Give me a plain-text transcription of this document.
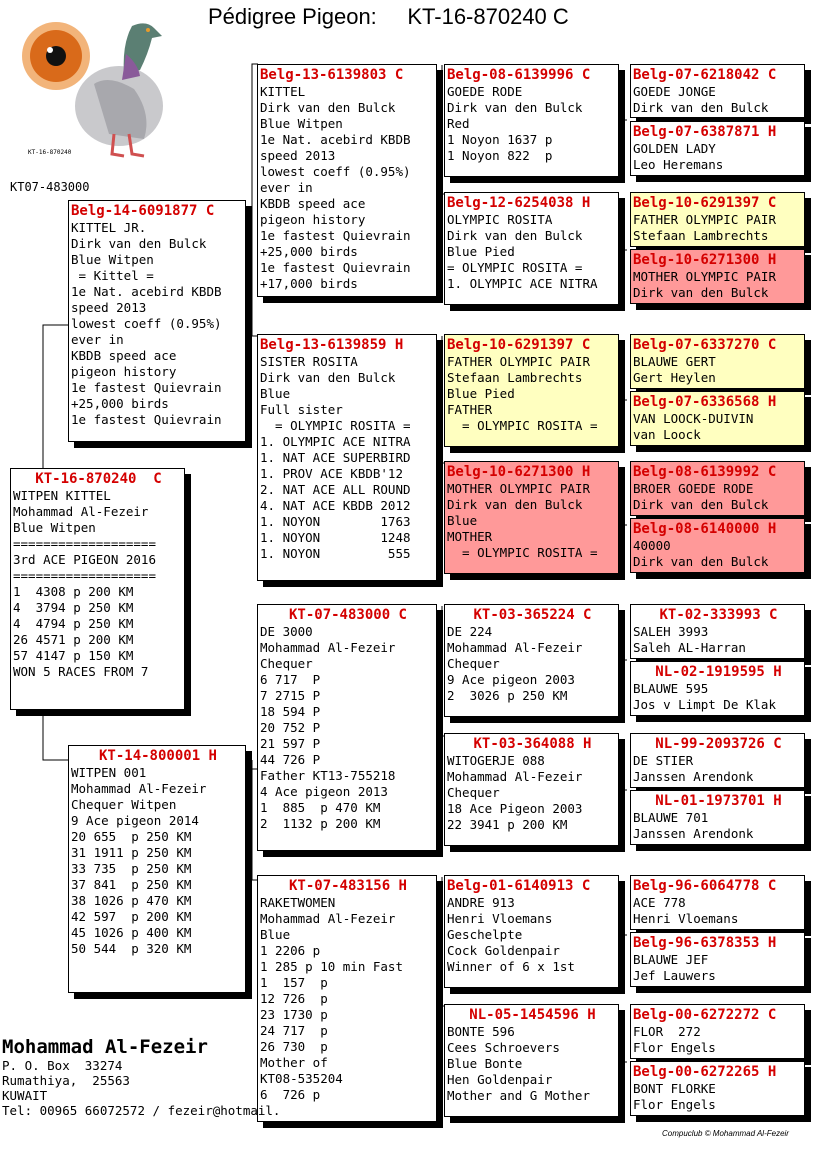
Pédigree Pigeon:     KT-16-870240 C
KT-16-870240
KT07-483000
KT-16-870240  C
WITPEN KITTEL
Mohammad Al-Fezeir
Blue Witpen
===================
3rd ACE PIGEON 2016
===================
1  4308 p 200 KM
4  3794 p 250 KM
4  4794 p 250 KM
26 4571 p 200 KM
57 4147 p 150 KM
WON 5 RACES FROM 7
Belg-14-6091877 C
KITTEL JR.
Dirk van den Bulck
Blue Witpen
= Kittel =
1e Nat. acebird KBDB
speed 2013
lowest coeff (0.95%)
ever in
KBDB speed ace
pigeon history
1e fastest Quievrain
+25,000 birds
1e fastest Quievrain
KT-14-800001 H
WITPEN 001
Mohammad Al-Fezeir
Chequer Witpen
9 Ace pigeon 2014
20 655  p 250 KM
31 1911 p 250 KM
33 735  p 250 KM
37 841  p 250 KM
38 1026 p 470 KM
42 597  p 200 KM
45 1026 p 400 KM
50 544  p 320 KM
Belg-13-6139803 C
KITTEL
Dirk van den Bulck
Blue Witpen
1e Nat. acebird KBDB
speed 2013
lowest coeff (0.95%)
ever in
KBDB speed ace
pigeon history
1e fastest Quievrain
+25,000 birds
1e fastest Quievrain
+17,000 birds
Belg-13-6139859 H
SISTER ROSITA
Dirk van den Bulck
Blue
Full sister
= OLYMPIC ROSITA =
1. OLYMPIC ACE NITRA
1. NAT ACE SUPERBIRD
1. PROV ACE KBDB'12
2. NAT ACE ALL ROUND
4. NAT ACE KBDB 2012
1. NOYON        1763
1. NOYON        1248
1. NOYON         555
KT-07-483000 C
DE 3000
Mohammad Al-Fezeir
Chequer
6 717  P
7 2715 P
18 594 P
20 752 P
21 597 P
44 726 P
Father KT13-755218
4 Ace pigeon 2013
1  885  p 470 KM
2  1132 p 200 KM
KT-07-483156 H
RAKETWOMEN
Mohammad Al-Fezeir
Blue
1 2206 p
1 285 p 10 min Fast
1  157  p
12 726  p
23 1730 p
24 717  p
26 730  p
Mother of
KT08-535204
6  726 p
Belg-08-6139996 C
GOEDE RODE
Dirk van den Bulck
Red
1 Noyon 1637 p
1 Noyon 822  p
Belg-12-6254038 H
OLYMPIC ROSITA
Dirk van den Bulck
Blue Pied
= OLYMPIC ROSITA =
1. OLYMPIC ACE NITRA
Belg-10-6291397 C
FATHER OLYMPIC PAIR
Stefaan Lambrechts
Blue Pied
FATHER
= OLYMPIC ROSITA =
Belg-10-6271300 H
MOTHER OLYMPIC PAIR
Dirk van den Bulck
Blue
MOTHER
= OLYMPIC ROSITA =
KT-03-365224 C
DE 224
Mohammad Al-Fezeir
Chequer
9 Ace pigeon 2003
2  3026 p 250 KM
KT-03-364088 H
WITOGERJE 088
Mohammad Al-Fezeir
Chequer
18 Ace Pigeon 2003
22 3941 p 200 KM
Belg-01-6140913 C
ANDRE 913
Henri Vloemans
Geschelpte
Cock Goldenpair
Winner of 6 x 1st
NL-05-1454596 H
BONTE 596
Cees Schroevers
Blue Bonte
Hen Goldenpair
Mother and G Mother
Belg-07-6218042 C
GOEDE JONGE
Dirk van den Bulck
Belg-07-6387871 H
GOLDEN LADY
Leo Heremans
Belg-10-6291397 C
FATHER OLYMPIC PAIR
Stefaan Lambrechts
Belg-10-6271300 H
MOTHER OLYMPIC PAIR
Dirk van den Bulck
Belg-07-6337270 C
BLAUWE GERT
Gert Heylen
Belg-07-6336568 H
VAN LOOCK-DUIVIN
van Loock
Belg-08-6139992 C
BROER GOEDE RODE
Dirk van den Bulck
Belg-08-6140000 H
40000
Dirk van den Bulck
KT-02-333993 C
SALEH 3993
Saleh AL-Harran
NL-02-1919595 H
BLAUWE 595
Jos v Limpt De Klak
NL-99-2093726 C
DE STIER
Janssen Arendonk
NL-01-1973701 H
BLAUWE 701
Janssen Arendonk
Belg-96-6064778 C
ACE 778
Henri Vloemans
Belg-96-6378353 H
BLAUWE JEF
Jef Lauwers
Belg-00-6272272 C
FLOR  272
Flor Engels
Belg-00-6272265 H
BONT FLORKE
Flor Engels
Mohammad Al-Fezeir
P. O. Box  33274
Rumathiya,  25563
KUWAIT
Tel: 00965 66072572 / fezeir@hotmail.
Compuclub © Mohammad Al-Fezeir
